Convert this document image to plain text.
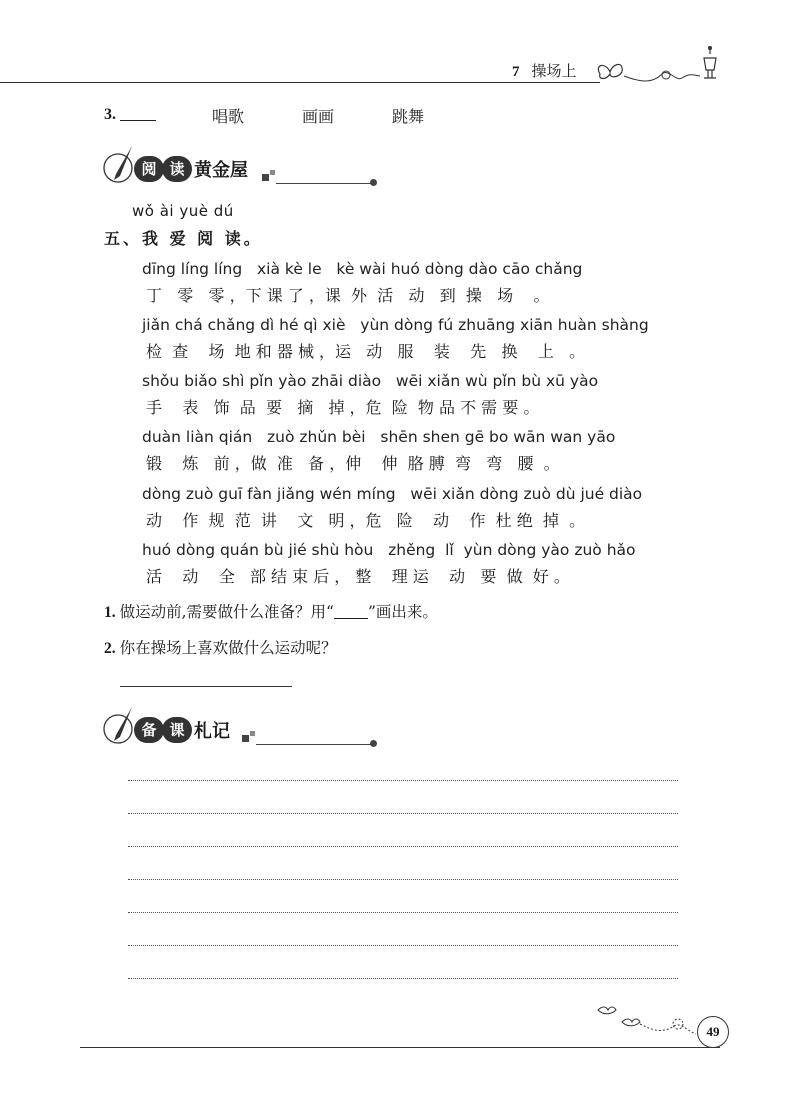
7 操场上
3.	唱歌	画画	跳舞
阅 读 黄金屋
wǒ ài yuè dú
五、我 爱 阅 读。
dīng líng líng   xià kè le   kè wài huó dòng dào cāo chǎng
丁   零   零 ，下 课 了 ，课  外  活   动   到  操   场    。
jiǎn chá chǎng dì hé qì xiè   yùn dòng fú zhuāng xiān huàn shàng
检  查    场  地 和 器 械 ，运   动   服    装    先   换    上   。
shǒu biǎo shì pǐn yào zhāi diào   wēi xiǎn wù pǐn bù xū yào
手    表   饰  品  要   摘   掉 ，危  险  物 品 不 需 要 。
duàn liàn qián   zuò zhǔn bèi   shēn shen gē bo wān wan yāo
锻    炼   前 ，做  准   备 ，伸    伸  胳 膊  弯   弯   腰  。
dòng zuò guī fàn jiǎng wén míng   wēi xiǎn dòng zuò dù jué diào
动    作  规  范  讲    文   明 ，危   险    动    作  杜 绝  掉  。
huó dòng quán bù jié shù hòu   zhěng  lǐ  yùn dòng yào zuò hǎo
活    动    全   部 结 束 后 ， 整    理 运    动   要  做  好 。
1. 做运动前,需要做什么准备？用“ ”画出来。
2. 你在操场上喜欢做什么运动呢？
备 课 札记
49
